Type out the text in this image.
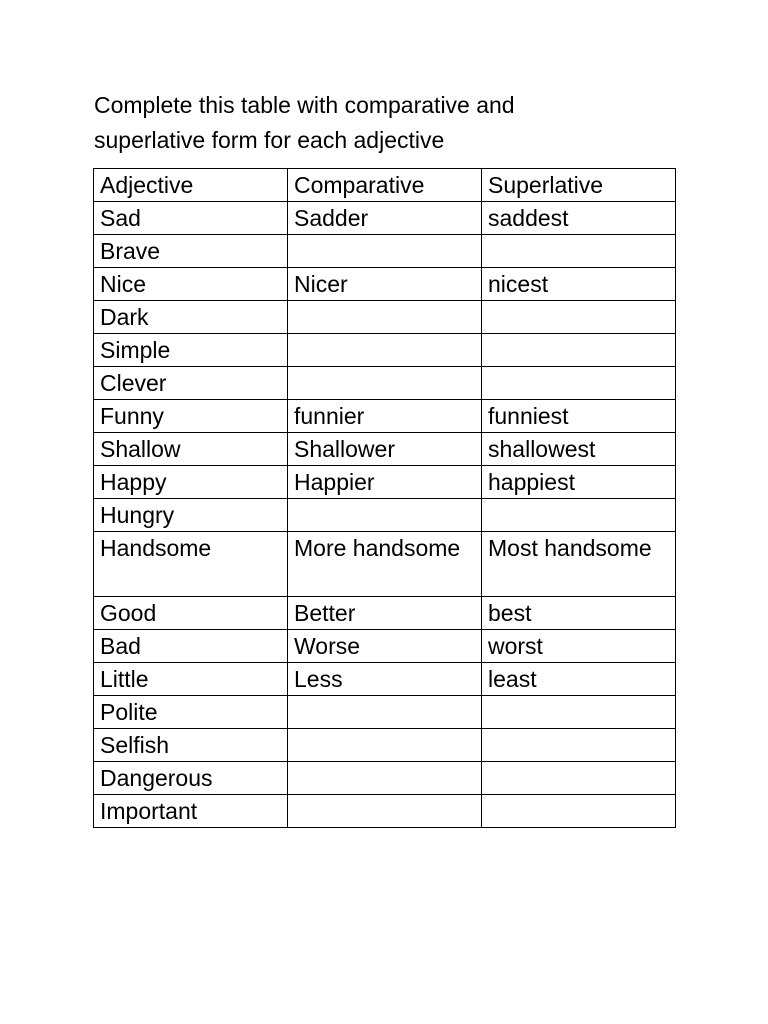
Complete this table with comparative and
superlative form for each adjective
Adjective	Comparative	Superlative
Sad	Sadder	saddest
Brave		
Nice	Nicer	nicest
Dark		
Simple		
Clever		
Funny	funnier	funniest
Shallow	Shallower	shallowest
Happy	Happier	happiest
Hungry		
Handsome	More handsome	Most handsome
Good	Better	best
Bad	Worse	worst
Little	Less	least
Polite		
Selfish		
Dangerous		
Important		
